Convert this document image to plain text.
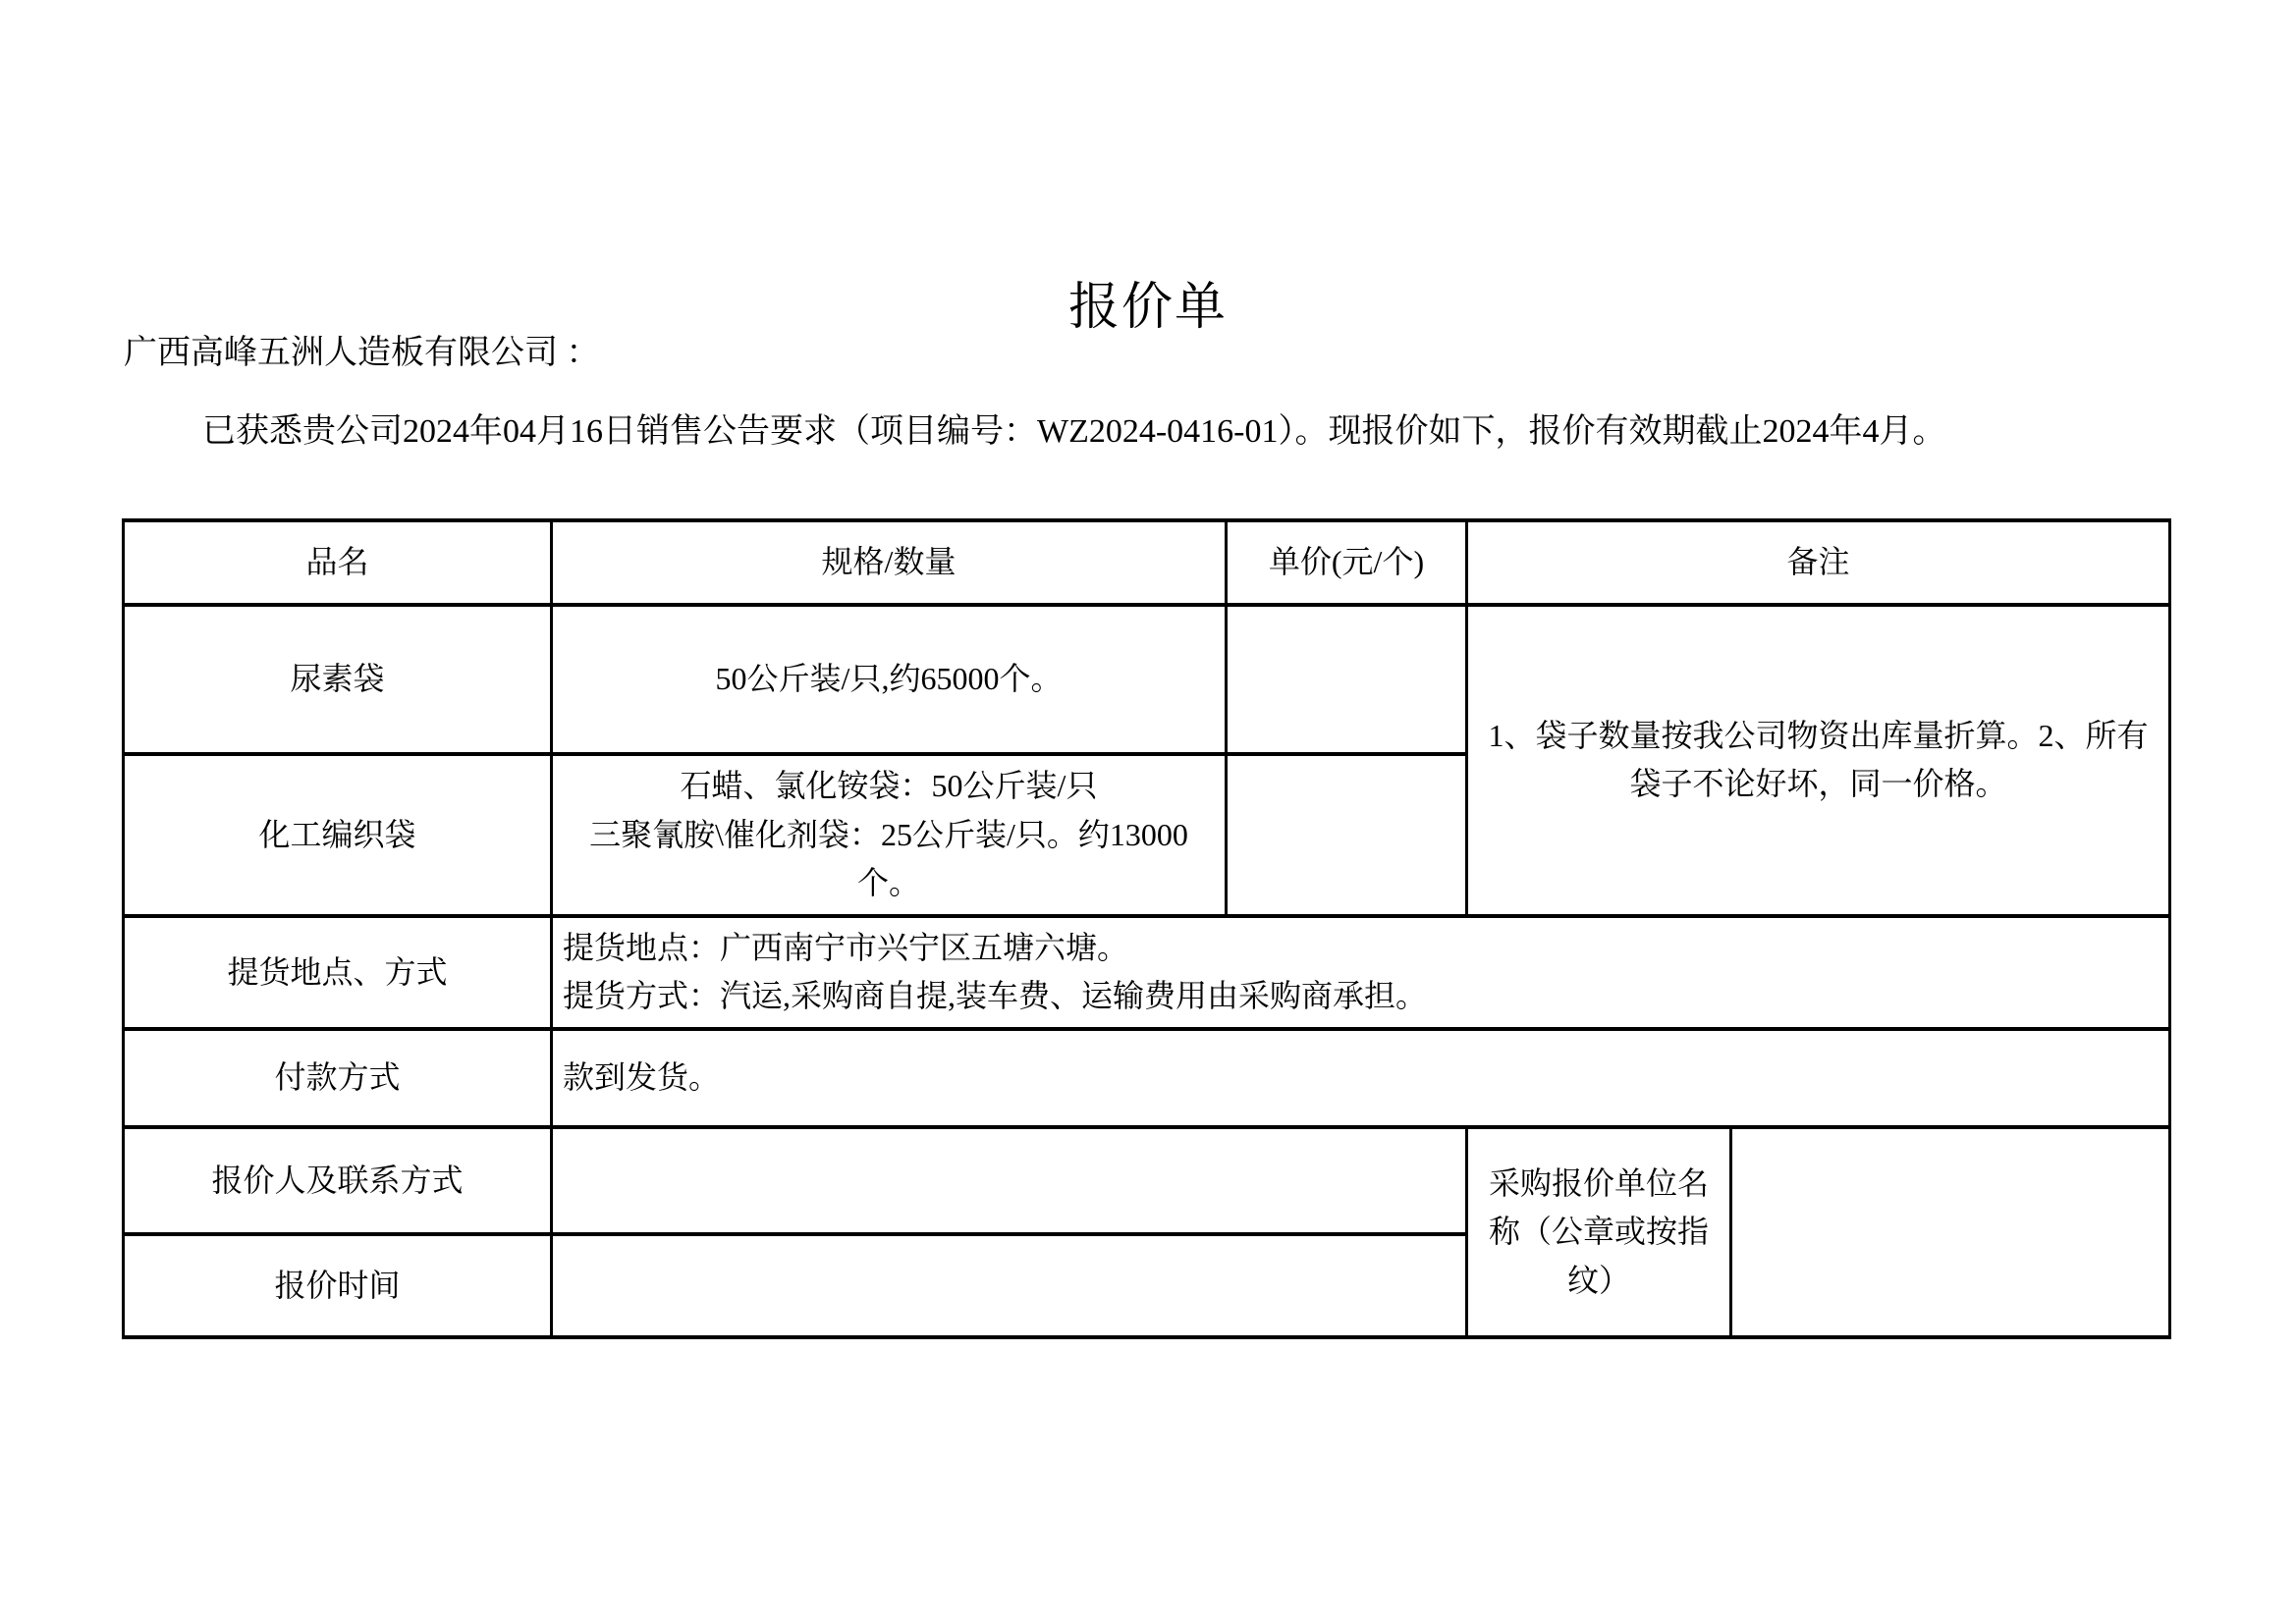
报价单
广西高峰五洲人造板有限公司 ：
已获悉贵公司2024年04月16日销售公告要求（项目编号：WZ2024-0416-01）。现报价如下，报价有效期截止2024年4月。
品名	规格/数量	单价(元/个)	备注	
尿素袋	50公斤装/只,约65000个。		1、袋子数量按我公司物资出库量折算。2、所有袋子不论好坏，同一价格。	
化工编织袋	石蜡、氯化铵袋：50公斤装/只
三聚氰胺\催化剂袋：25公斤装/只。约13000个。			

提货地点、方式	提货地点：广西南宁市兴宁区五塘六塘。
提货方式：汽运,采购商自提,装车费、运输费用由采购商承担。			

付款方式	款到发货。			
报价人及联系方式			采购报价单位名称（公章或按指纹）	
报价时间				
